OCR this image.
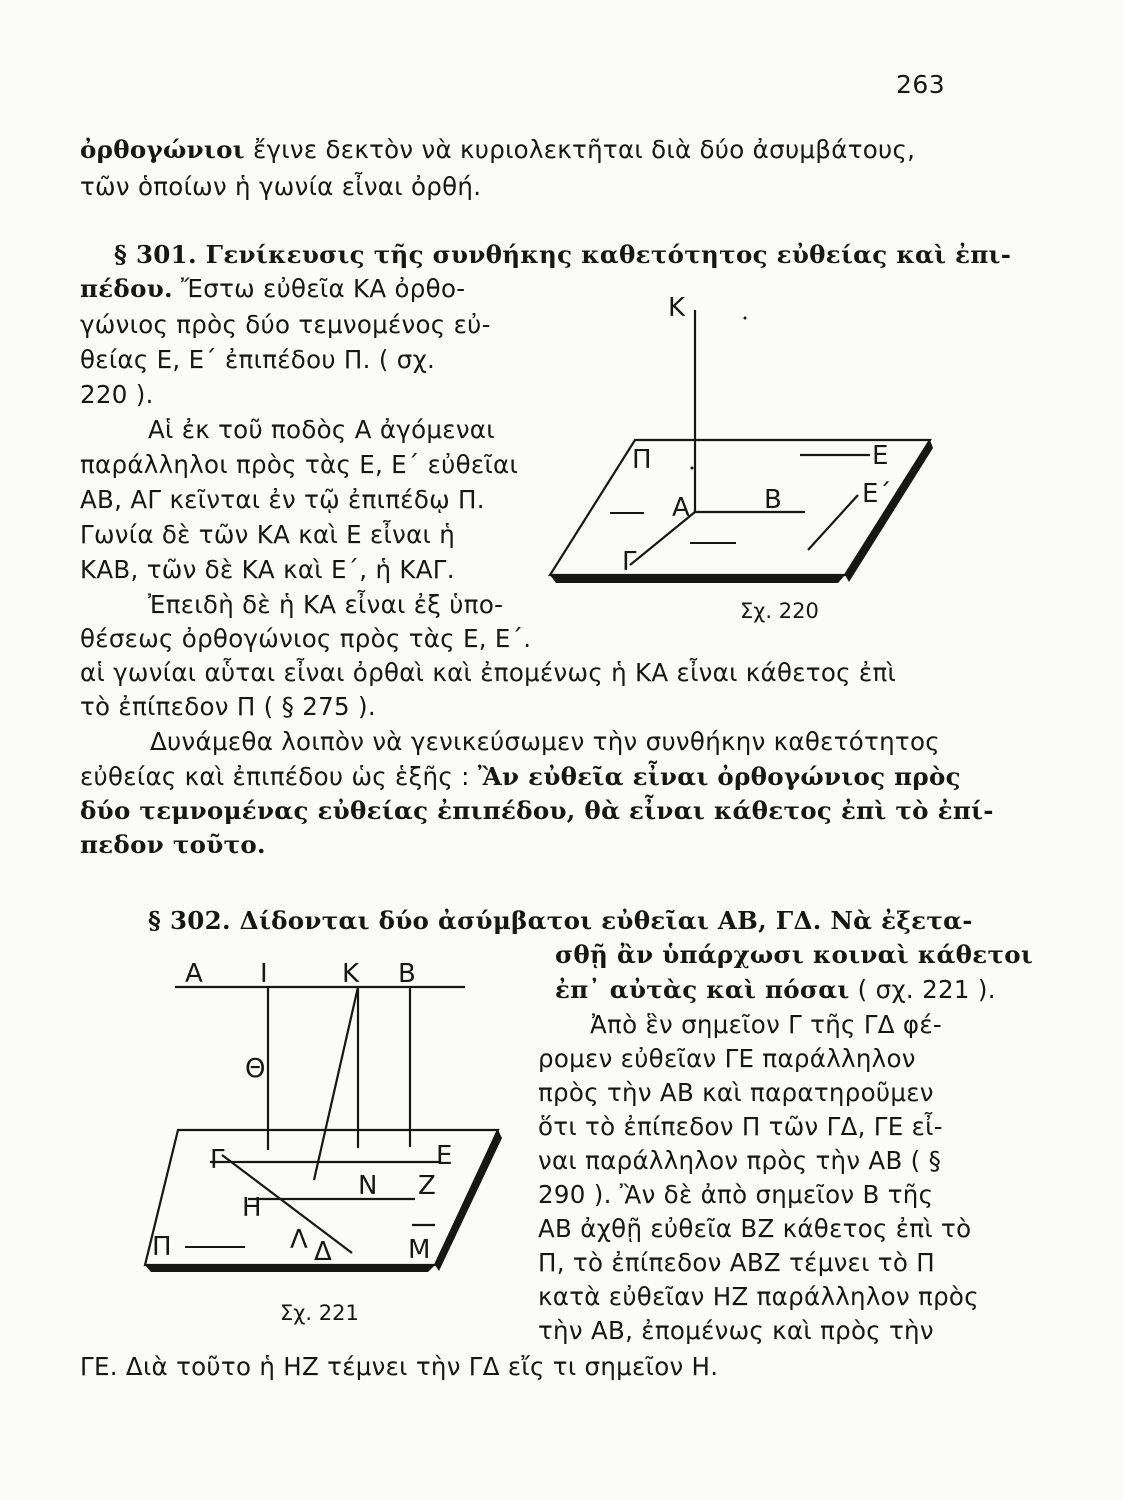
263
ὀρθογώνιοι ἔγινε δεκτὸν νὰ κυριολεκτῆται διὰ δύο ἀσυμβάτους,
τῶν ὁποίων ἡ γωνία εἶναι ὀρθή.
§ 301. Γενίκευσις τῆς συνθήκης καθετότητος εὐθείας καὶ ἐπι-
πέδου. Ἔστω εὐθεῖα ΚΑ ὀρθο-
γώνιος πρὸς δύο τεμνομένος εὐ-
θείας Ε, Ε΄ ἐπιπέδου Π. ( σχ.
220 ).
Αἱ ἐκ τοῦ ποδὸς Α ἀγόμεναι
παράλληλοι πρὸς τὰς Ε, Ε΄ εὐθεῖαι
ΑΒ, ΑΓ κεῖνται ἐν τῷ ἐπιπέδῳ Π.
Γωνία δὲ τῶν ΚΑ καὶ Ε εἶναι ἡ
ΚΑΒ, τῶν δὲ ΚΑ καὶ Ε΄, ἡ ΚΑΓ.
Ἐπειδὴ δὲ ἡ ΚΑ εἶναι ἐξ ὑπο-
θέσεως ὀρθογώνιος πρὸς τὰς Ε, Ε΄.
αἱ γωνίαι αὗται εἶναι ὀρθαὶ καὶ ἐπομένως ἡ ΚΑ εἶναι κάθετος ἐπὶ
τὸ ἐπίπεδον Π ( § 275 ).
Δυνάμεθα λοιπὸν νὰ γενικεύσωμεν τὴν συνθήκην καθετότητος
εὐθείας καὶ ἐπιπέδου ὡς ἑξῆς : Ἂν εὐθεῖα εἶναι ὀρθογώνιος πρὸς
δύο τεμνομένας εὐθείας ἐπιπέδου, θὰ εἶναι κάθετος ἐπὶ τὸ ἐπί-
πεδον τοῦτο.
§ 302. Δίδονται δύο ἀσύμβατοι εὐθεῖαι ΑΒ, ΓΔ. Νὰ ἐξετα-
σθῇ ἂν ὑπάρχωσι κοιναὶ κάθετοι
ἐπ᾽ αὐτὰς καὶ πόσαι ( σχ. 221 ).
Ἀπὸ ἓν σημεῖον Γ τῆς ΓΔ φέ-
ρομεν εὐθεῖαν ΓΕ παράλληλον
πρὸς τὴν ΑΒ καὶ παρατηροῦμεν
ὅτι τὸ ἐπίπεδον Π τῶν ΓΔ, ΓΕ εἶ-
ναι παράλληλον πρὸς τὴν ΑΒ ( §
290 ). Ἂν δὲ ἀπὸ σημεῖον Β τῆς
ΑΒ ἀχθῇ εὐθεῖα ΒΖ κάθετος ἐπὶ τὸ
Π, τὸ ἐπίπεδον ΑΒΖ τέμνει τὸ Π
κατὰ εὐθεῖαν ΗΖ παράλληλον πρὸς
τὴν ΑΒ, ἐπομένως καὶ πρὸς τὴν
ΓΕ. Διὰ τοῦτο ἡ ΗΖ τέμνει τὴν ΓΔ εἴς τι σημεῖον Η.
Κ
Π	Ε
Ε΄
Α	Β
Γ
Σχ. 220
Α Ι	Κ Β
Θ
Γ	Ε
Ν Ζ
Η
Λ Δ	Μ
Π
Σχ. 221
